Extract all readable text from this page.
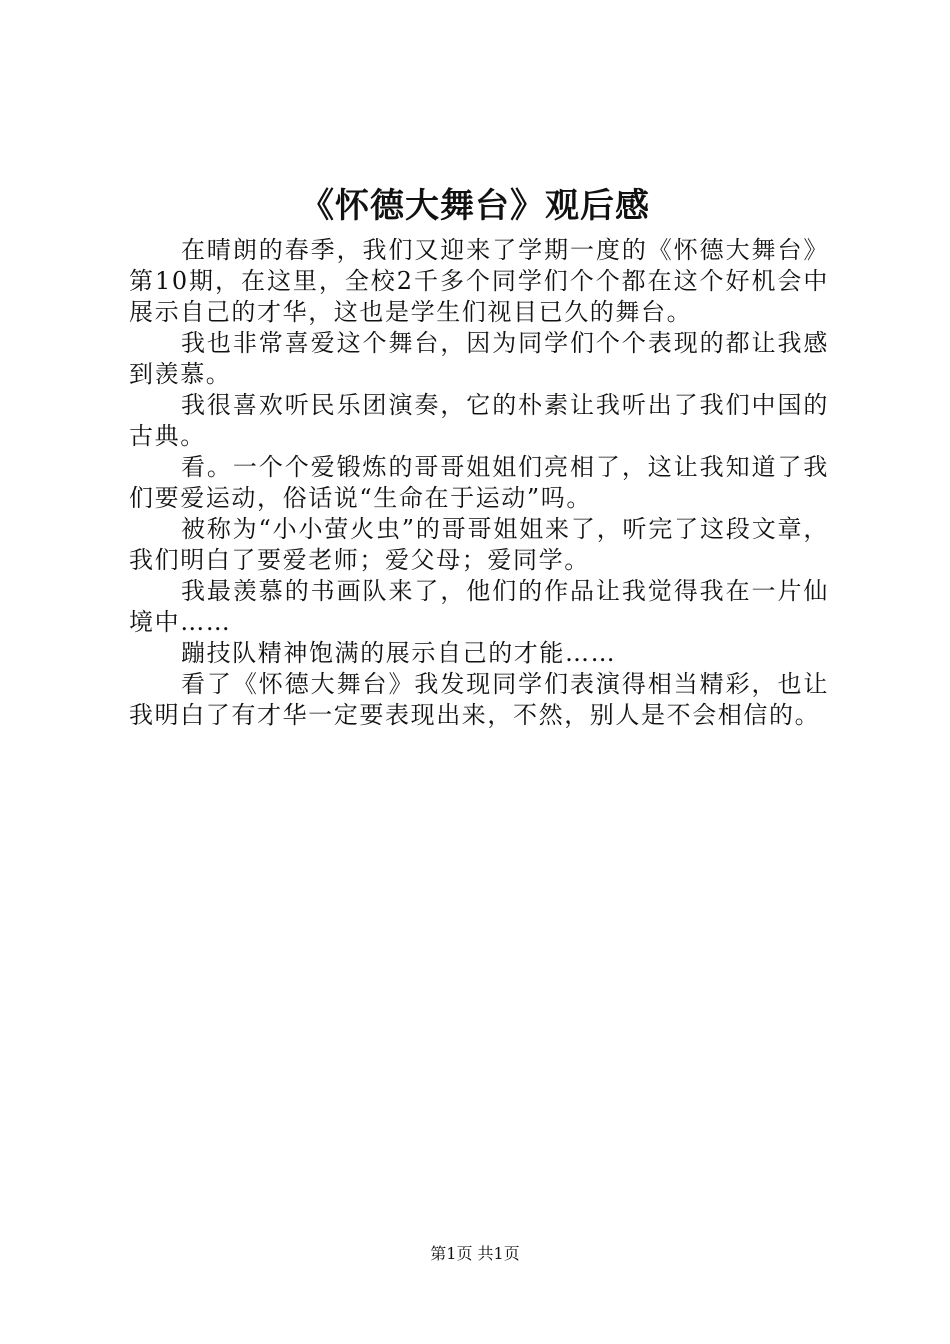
《怀德大舞台》观后感

在晴朗的春季，我们又迎来了学期一度的《怀德大舞台》第10期，在这里，全校2千多个同学们个个都在这个好机会中展示自己的才华，这也是学生们视目已久的舞台。

我也非常喜爱这个舞台，因为同学们个个表现的都让我感到羡慕。

我很喜欢听民乐团演奏，它的朴素让我听出了我们中国的古典。

看。一个个爱锻炼的哥哥姐姐们亮相了，这让我知道了我们要爱运动，俗话说“生命在于运动”吗。

被称为“小小萤火虫”的哥哥姐姐来了，听完了这段文章，我们明白了要爱老师；爱父母；爱同学。

我最羡慕的书画队来了，他们的作品让我觉得我在一片仙境中……

蹦技队精神饱满的展示自己的才能……

看了《怀德大舞台》我发现同学们表演得相当精彩，也让我明白了有才华一定要表现出来，不然，别人是不会相信的。

第1页 共1页
